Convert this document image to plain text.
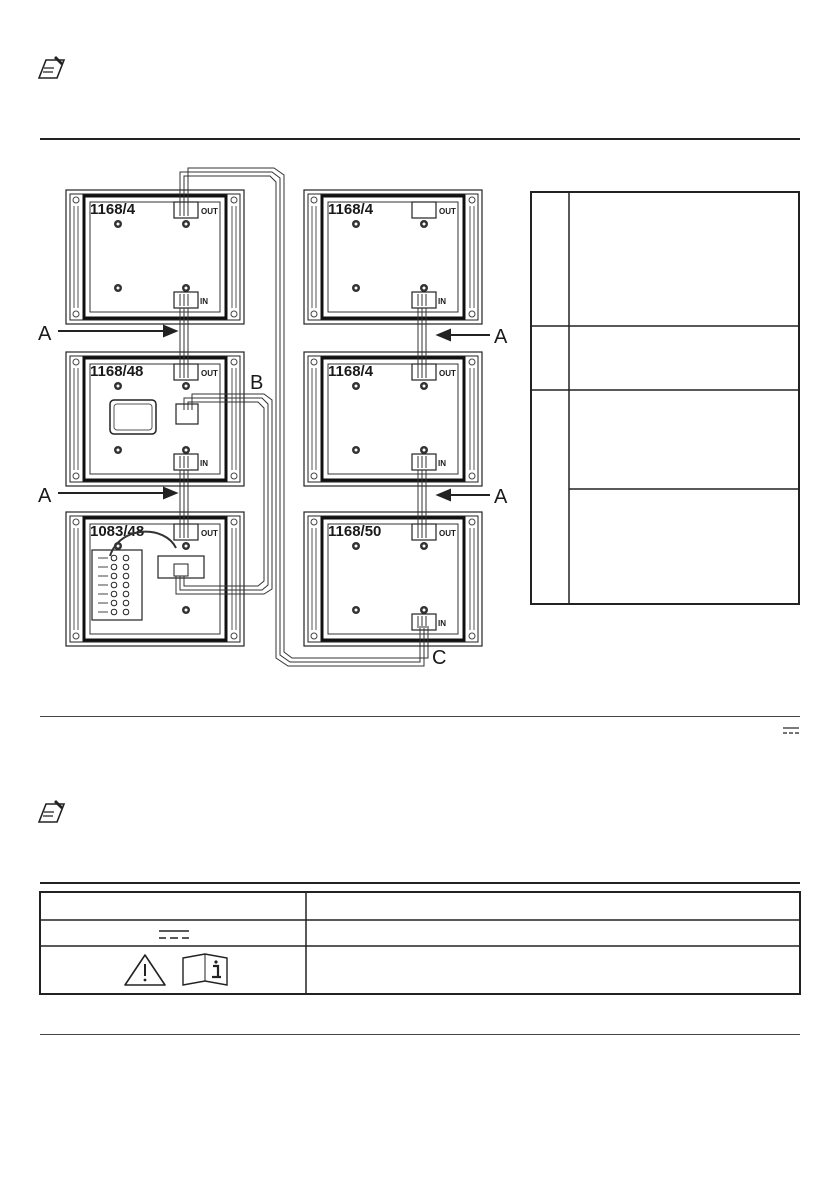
1168/4	OUT
IN
1168/48	OUT
IN
1083/48	OUT
1168/4	OUT
IN
1168/4	OUT
IN
1168/50	OUT
IN
A
A
A
A
B
C
